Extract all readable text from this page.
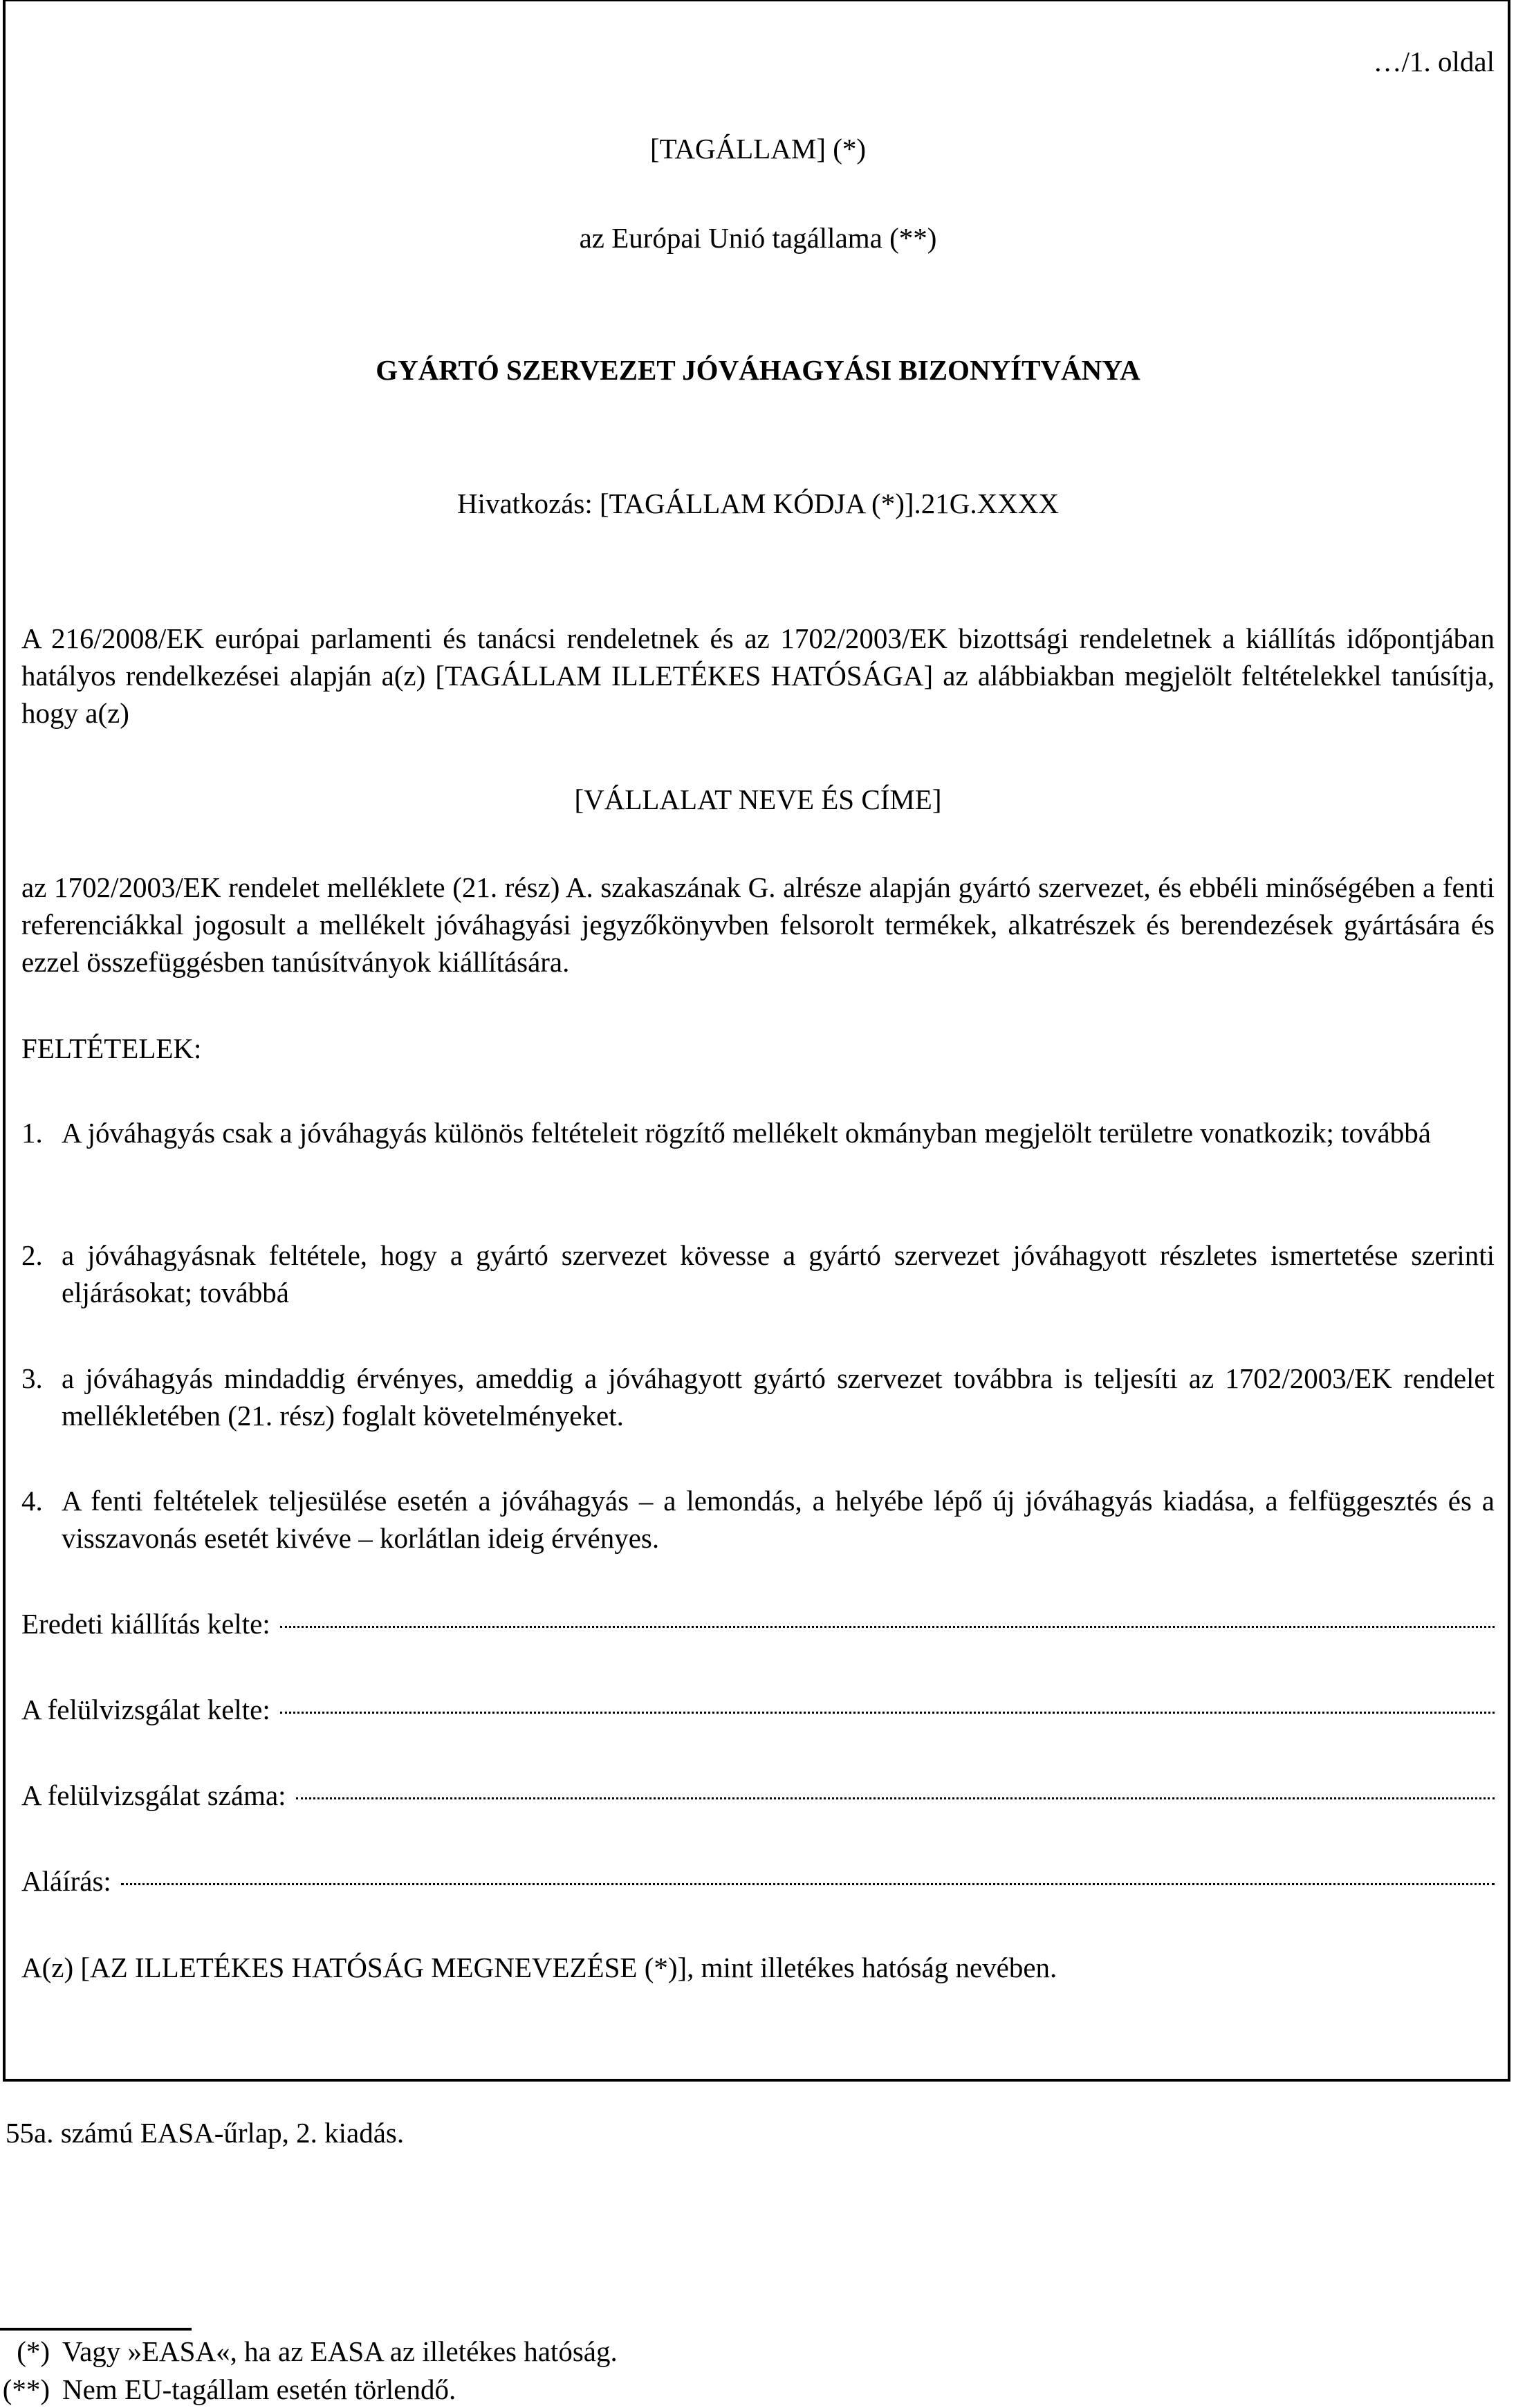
…/1. oldal
[TAGÁLLAM] (*)
az Európai Unió tagállama (**)
GYÁRTÓ SZERVEZET JÓVÁHAGYÁSI BIZONYÍTVÁNYA
Hivatkozás: [TAGÁLLAM KÓDJA (*)].21G.XXXX
A 216/2008/EK európai parlamenti és tanácsi rendeletnek és az 1702/2003/EK bizottsági rendeletnek a kiállítás időpontjában hatályos rendelkezései alapján a(z) [TAGÁLLAM ILLETÉKES HATÓSÁGA] az alábbiakban megjelölt feltételekkel tanúsítja, hogy a(z)
[VÁLLALAT NEVE ÉS CÍME]
az 1702/2003/EK rendelet melléklete (21. rész) A. szakaszának G. alrésze alapján gyártó szervezet, és ebbéli minőségében a fenti referenciákkal jogosult a mellékelt jóváhagyási jegyzőkönyvben felsorolt termékek, alkatrészek és berendezések gyártására és ezzel összefüggésben tanúsítványok kiállítására.
FELTÉTELEK:
1. A jóváhagyás csak a jóváhagyás különös feltételeit rögzítő mellékelt okmányban megjelölt területre vonatkozik; továbbá
2. a jóváhagyásnak feltétele, hogy a gyártó szervezet kövesse a gyártó szervezet jóváhagyott részletes ismertetése szerinti eljárásokat; továbbá
3. a jóváhagyás mindaddig érvényes, ameddig a jóváhagyott gyártó szervezet továbbra is teljesíti az 1702/2003/EK rendelet mellékletében (21. rész) foglalt követelményeket.
4. A fenti feltételek teljesülése esetén a jóváhagyás – a lemondás, a helyébe lépő új jóváhagyás kiadása, a felfüggesztés és a visszavonás esetét kivéve – korlátlan ideig érvényes.
Eredeti kiállítás kelte:
A felülvizsgálat kelte:
A felülvizsgálat száma:
Aláírás:
A(z) [AZ ILLETÉKES HATÓSÁG MEGNEVEZÉSE (*)], mint illetékes hatóság nevében.
55a. számú EASA-űrlap, 2. kiadás.
(*) Vagy »EASA«, ha az EASA az illetékes hatóság.
(**) Nem EU-tagállam esetén törlendő.
